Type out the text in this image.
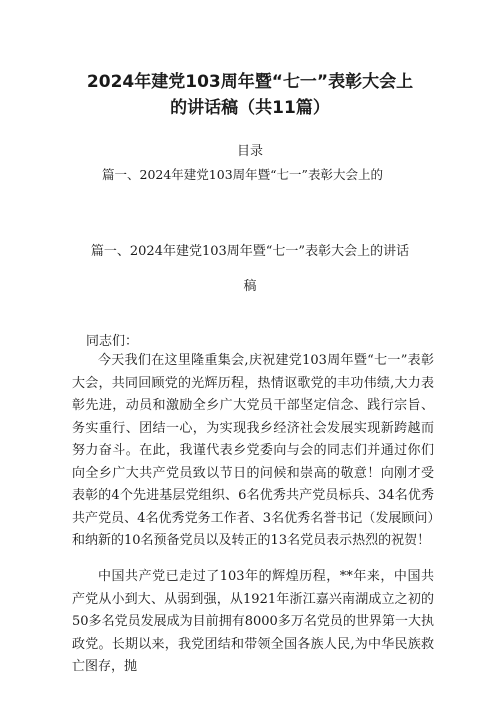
2024年建党103周年暨“七一”表彰大会上
的讲话稿（共11篇）
目录
篇一、2024年建党103周年暨“七一”表彰大会上的
篇一、2024年建党103周年暨“七一”表彰大会上的讲话
稿
同志们：

今天我们在这里隆重集会,庆祝建党103周年暨“七一”表彰大会，共同回顾党的光辉历程，热情讴歌党的丰功伟绩,大力表彰先进，动员和激励全乡广大党员干部坚定信念、践行宗旨、务实重行、团结一心，为实现我乡经济社会发展实现新跨越而努力奋斗。在此，我谨代表乡党委向与会的同志们并通过你们向全乡广大共产党员致以节日的问候和崇高的敬意！向刚才受表彰的4个先进基层党组织、6名优秀共产党员标兵、34名优秀共产党员、4名优秀党务工作者、3名优秀名誉书记（发展顾问）和纳新的10名预备党员以及转正的13名党员表示热烈的祝贺！

中国共产党已走过了103年的辉煌历程，**年来，中国共产党从小到大、从弱到强，从1921年浙江嘉兴南湖成立之初的50多名党员发展成为目前拥有8000多万名党员的世界第一大执政党。长期以来，我党团结和带领全国各族人民,为中华民族救亡图存，抛
